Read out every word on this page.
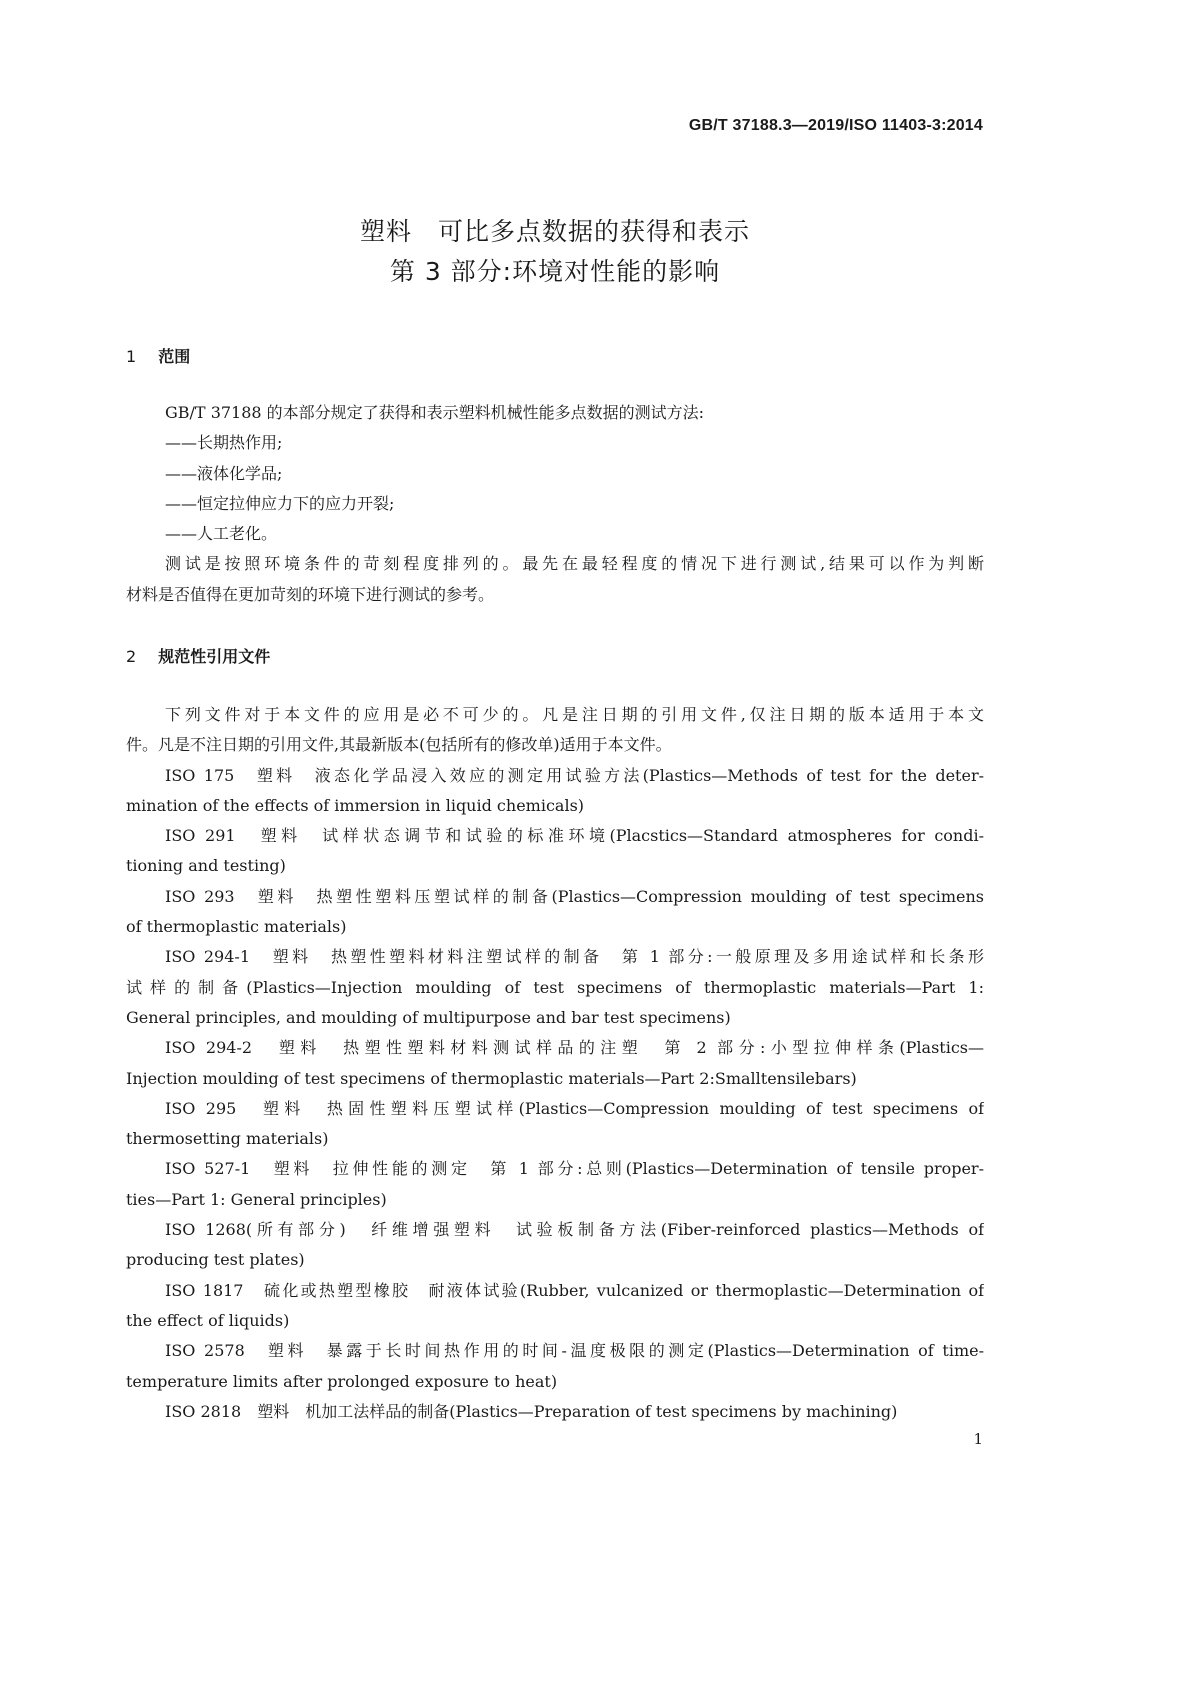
GB/T 37188.3—2019/ISO 11403-3:2014
塑料　可比多点数据的获得和表示
第 3 部分:环境对性能的影响
1 范围
GB/T 37188 的本部分规定了获得和表示塑料机械性能多点数据的测试方法:
——长期热作用;
——液体化学品;
——恒定拉伸应力下的应力开裂;
——人工老化。
测试是按照环境条件的苛刻程度排列的。最先在最轻程度的情况下进行测试,结果可以作为判断
材料是否值得在更加苛刻的环境下进行测试的参考。
2 规范性引用文件
下列文件对于本文件的应用是必不可少的。凡是注日期的引用文件,仅注日期的版本适用于本文
件。凡是不注日期的引用文件,其最新版本(包括所有的修改单)适用于本文件。
ISO 175　塑料　液态化学品浸入效应的测定用试验方法(Plastics—Methods of test for the deter-
mination of the effects of immersion in liquid chemicals)
ISO 291　塑料　试样状态调节和试验的标准环境(Placstics—Standard atmospheres for condi-
tioning and testing)
ISO 293　塑料　热塑性塑料压塑试样的制备(Plastics—Compression moulding of test specimens
of thermoplastic materials)
ISO 294-1　塑料　热塑性塑料材料注塑试样的制备　第 1 部分:一般原理及多用途试样和长条形
试样的制备(Plastics—Injection moulding of test specimens of thermoplastic materials—Part 1:
General principles, and moulding of multipurpose and bar test specimens)
ISO 294-2　塑料　热塑性塑料材料测试样品的注塑　第 2 部分:小型拉伸样条(Plastics—
Injection moulding of test specimens of thermoplastic materials—Part 2:Smalltensilebars)
ISO 295　塑料　热固性塑料压塑试样(Plastics—Compression moulding of test specimens of
thermosetting materials)
ISO 527-1　塑料　拉伸性能的测定　第 1 部分:总则(Plastics—Determination of tensile proper-
ties—Part 1: General principles)
ISO 1268(所有部分)　纤维增强塑料　试验板制备方法(Fiber-reinforced plastics—Methods of
producing test plates)
ISO 1817　硫化或热塑型橡胶　耐液体试验(Rubber, vulcanized or thermoplastic—Determination of
the effect of liquids)
ISO 2578　塑料　暴露于长时间热作用的时间-温度极限的测定(Plastics—Determination of time-
temperature limits after prolonged exposure to heat)
ISO 2818　塑料　机加工法样品的制备(Plastics—Preparation of test specimens by machining)
1
